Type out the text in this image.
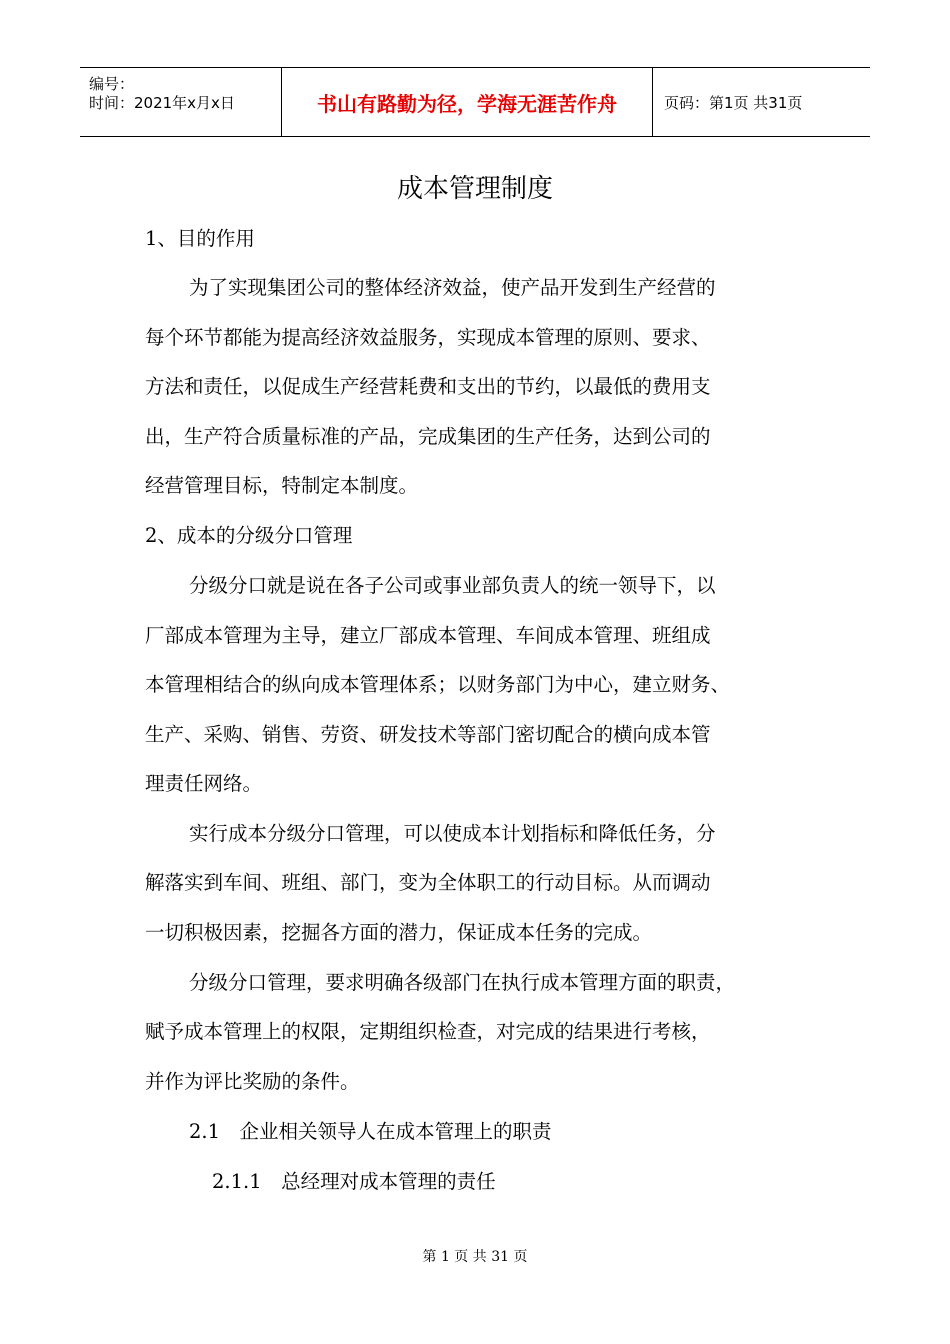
编号：
时间：2021年x月x日	书山有路勤为径，学海无涯苦作舟	页码：第1页 共31页
成本管理制度
1、目的作用
为了实现集团公司的整体经济效益，使产品开发到生产经营的
每个环节都能为提高经济效益服务，实现成本管理的原则、要求、
方法和责任，以促成生产经营耗费和支出的节约，以最低的费用支
出，生产符合质量标准的产品，完成集团的生产任务，达到公司的
经营管理目标，特制定本制度。
2、成本的分级分口管理
分级分口就是说在各子公司或事业部负责人的统一领导下，以
厂部成本管理为主导，建立厂部成本管理、车间成本管理、班组成
本管理相结合的纵向成本管理体系；以财务部门为中心，建立财务、
生产、采购、销售、劳资、研发技术等部门密切配合的横向成本管
理责任网络。
实行成本分级分口管理，可以使成本计划指标和降低任务，分
解落实到车间、班组、部门，变为全体职工的行动目标。从而调动
一切积极因素，挖掘各方面的潜力，保证成本任务的完成。
分级分口管理，要求明确各级部门在执行成本管理方面的职责，
赋予成本管理上的权限，定期组织检查，对完成的结果进行考核，
并作为评比奖励的条件。
2.1　企业相关领导人在成本管理上的职责
2.1.1　总经理对成本管理的责任
第 1 页 共 31 页
